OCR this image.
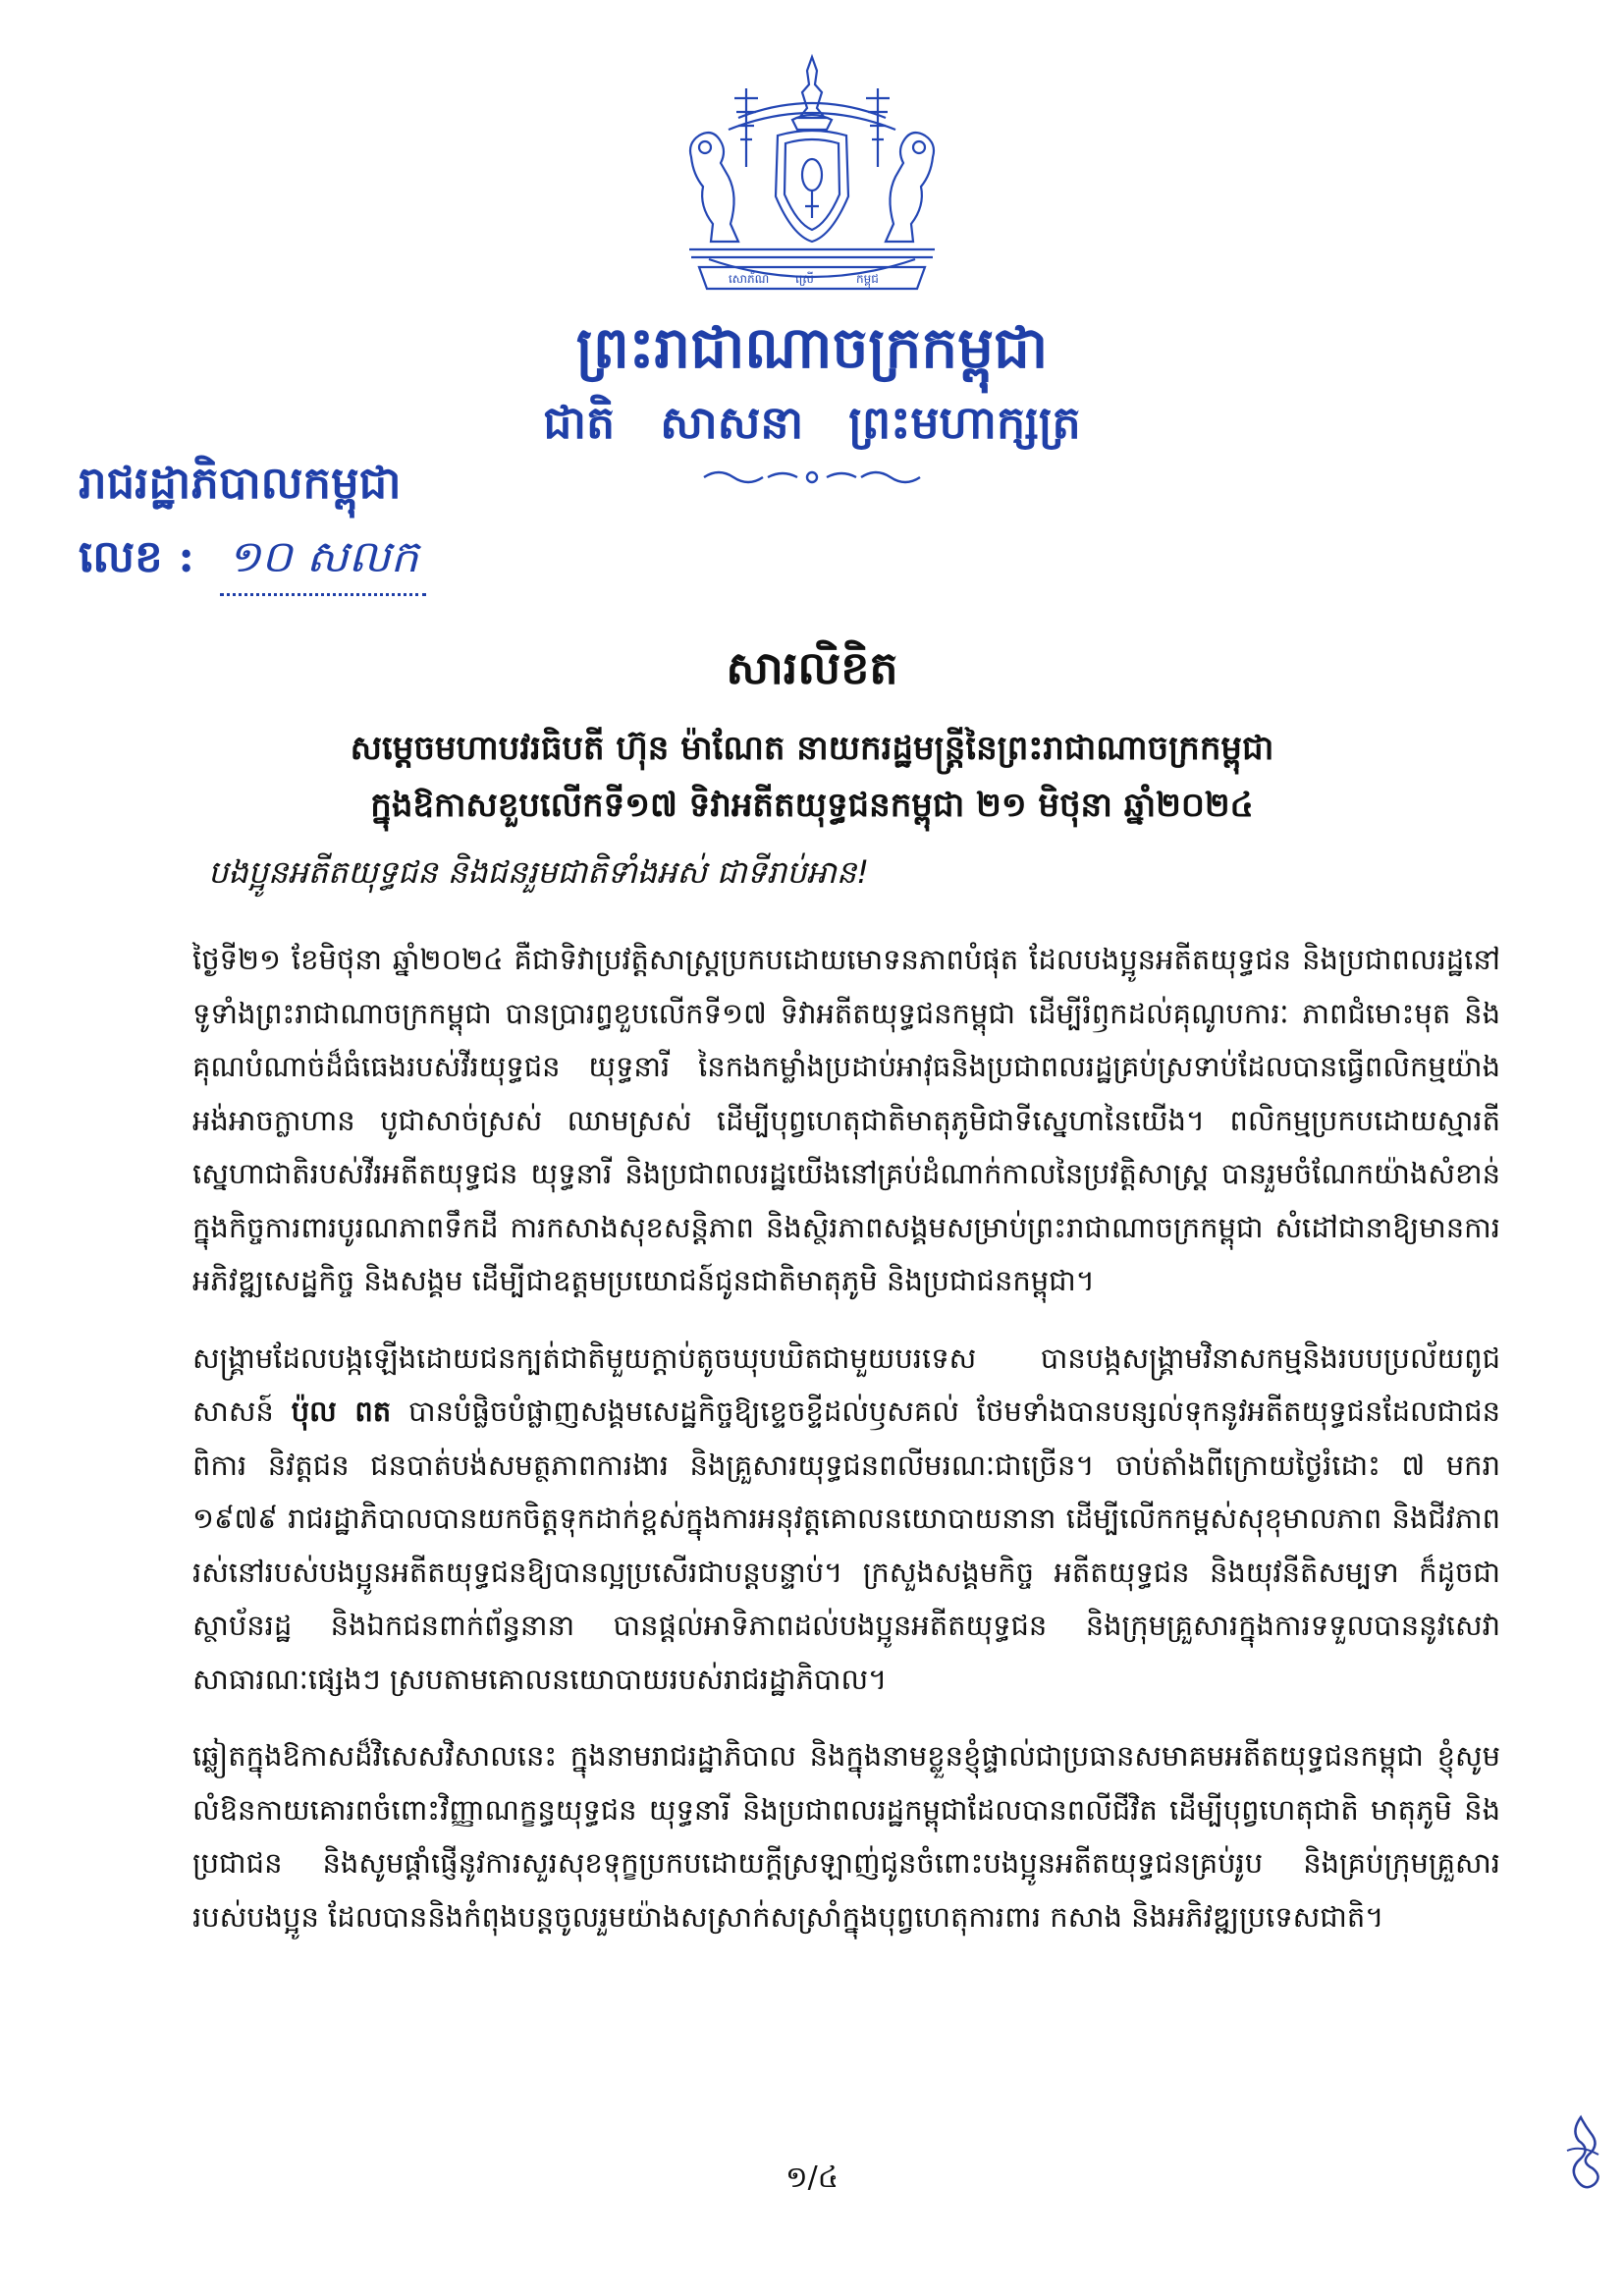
សោភ័ណ ស្រើ	កម្ពុជ
ព្រះរាជាណាចក្រកម្ពុជា
ជាតិ សាសនា ព្រះមហាក្សត្រ
រាជរដ្ឋាភិបាលកម្ពុជា
លេខ : ១០ សលក
សារលិខិត
សម្ដេចមហាបវរធិបតី ហ៊ុន ម៉ាណែត នាយករដ្ឋមន្ត្រីនៃព្រះរាជាណាចក្រកម្ពុជា
ក្នុងឱកាសខួបលើកទី១៧ ទិវាអតីតយុទ្ធជនកម្ពុជា ២១ មិថុនា ឆ្នាំ២០២៤
បងប្អូនអតីតយុទ្ធជន និងជនរួមជាតិទាំងអស់ ជាទីរាប់អាន!

ថ្ងៃទី២១ ខែមិថុនា ឆ្នាំ២០២៤ គឺជាទិវាប្រវត្តិសាស្ត្រប្រកបដោយមោទនភាពបំផុត ដែលបងប្អូនអតីតយុទ្ធជន និងប្រជាពលរដ្ឋនៅទូទាំងព្រះរាជាណាចក្រកម្ពុជា បានប្រារព្ធខួបលើកទី១៧ ទិវាអតីតយុទ្ធជនកម្ពុជា ដើម្បីរំឭកដល់គុណូបការៈ ភាពជំមោះមុត និងគុណបំណាច់ដ៏ធំធេងរបស់វីរយុទ្ធជន យុទ្ធនារី នៃកងកម្លាំងប្រដាប់អាវុធនិងប្រជាពលរដ្ឋគ្រប់ស្រទាប់ដែលបានធ្វើពលិកម្មយ៉ាងអង់អាចក្លាហាន បូជាសាច់ស្រស់ ឈាមស្រស់ ដើម្បីបុព្វហេតុជាតិមាតុភូមិជាទីស្នេហានៃយើង។ ពលិកម្មប្រកបដោយស្មារតីស្នេហាជាតិរបស់វីរអតីតយុទ្ធជន យុទ្ធនារី និងប្រជាពលរដ្ឋយើងនៅគ្រប់ដំណាក់កាលនៃប្រវត្តិសាស្ត្រ បានរួមចំណែកយ៉ាងសំខាន់ក្នុងកិច្ចការពារបូរណភាពទឹកដី ការកសាងសុខសន្តិភាព និងស្ថិរភាពសង្គមសម្រាប់ព្រះរាជាណាចក្រកម្ពុជា សំដៅជានាឱ្យមានការអភិវឌ្ឍសេដ្ឋកិច្ច និងសង្គម ដើម្បីជាឧត្តមប្រយោជន៍ជូនជាតិមាតុភូមិ និងប្រជាជនកម្ពុជា។

សង្គ្រាមដែលបង្កឡើងដោយជនក្បត់ជាតិមួយក្ដាប់តូចឃុបឃិតជាមួយបរទេស បានបង្កសង្គ្រាមវិនាសកម្មនិងរបបប្រល័យពូជសាសន៍ ប៉ុល ពត បានបំផ្លិចបំផ្លាញសង្គមសេដ្ឋកិច្ចឱ្យខ្ទេចខ្ទីដល់ឫសគល់ ថែមទាំងបានបន្សល់ទុកនូវអតីតយុទ្ធជនដែលជាជនពិការ និវត្តជន ជនបាត់បង់សមត្ថភាពការងារ និងគ្រួសារយុទ្ធជនពលីមរណៈជាច្រើន។ ចាប់តាំងពីក្រោយថ្ងៃរំដោះ ៧ មករា ១៩៧៩ រាជរដ្ឋាភិបាលបានយកចិត្តទុកដាក់ខ្ពស់ក្នុងការអនុវត្តគោលនយោបាយនានា ដើម្បីលើកកម្ពស់សុខុមាលភាព និងជីវភាពរស់នៅរបស់បងប្អូនអតីតយុទ្ធជនឱ្យបានល្អប្រសើរជាបន្តបន្ទាប់។ ក្រសួងសង្គមកិច្ច អតីតយុទ្ធជន និងយុវនីតិសម្បទា ក៏ដូចជាស្ថាប័នរដ្ឋ និងឯកជនពាក់ព័ន្ធនានា បានផ្ដល់អាទិភាពដល់បងប្អូនអតីតយុទ្ធជន និងក្រុមគ្រួសារក្នុងការទទួលបាននូវសេវាសាធារណៈផ្សេងៗ ស្របតាមគោលនយោបាយរបស់រាជរដ្ឋាភិបាល។

ឆ្លៀតក្នុងឱកាសដ៏វិសេសវិសាលនេះ ក្នុងនាមរាជរដ្ឋាភិបាល និងក្នុងនាមខ្លួនខ្ញុំផ្ទាល់ជាប្រធានសមាគមអតីតយុទ្ធជនកម្ពុជា ខ្ញុំសូមលំឱនកាយគោរពចំពោះវិញ្ញាណក្ខន្ធយុទ្ធជន យុទ្ធនារី និងប្រជាពលរដ្ឋកម្ពុជាដែលបានពលីជីវិត ដើម្បីបុព្វហេតុជាតិ មាតុភូមិ និងប្រជាជន និងសូមផ្ដាំផ្ញើនូវការសួរសុខទុក្ខប្រកបដោយក្ដីស្រឡាញ់ជូនចំពោះបងប្អូនអតីតយុទ្ធជនគ្រប់រូប និងគ្រប់ក្រុមគ្រួសាររបស់បងប្អូន ដែលបាននិងកំពុងបន្តចូលរួមយ៉ាងសស្រាក់សស្រាំក្នុងបុព្វហេតុការពារ កសាង និងអភិវឌ្ឍប្រទេសជាតិ។

១/៤
